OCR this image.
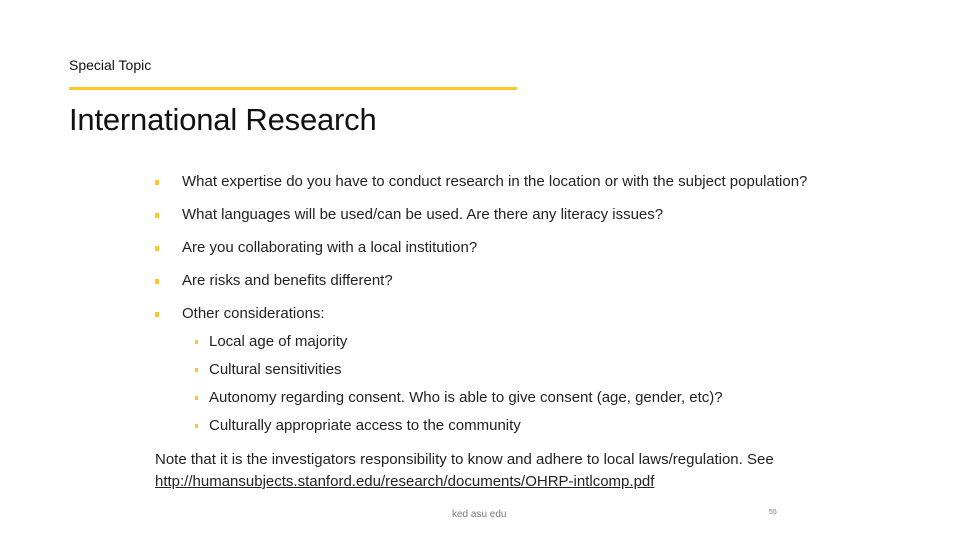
Special Topic
International Research
What expertise do you have to conduct research in the location or with the subject population?
What languages will be used/can be used. Are there any literacy issues?
Are you collaborating with a local institution?
Are risks and benefits different?
Other considerations:
Local age of majority
Cultural sensitivities
Autonomy regarding consent. Who is able to give consent (age, gender, etc)?
Culturally appropriate access to the community

Note that it is the investigators responsibility to know and adhere to local laws/regulation. See
http://humansubjects.stanford.edu/research/documents/OHRP-intlcomp.pdf

ked asu edu	55
